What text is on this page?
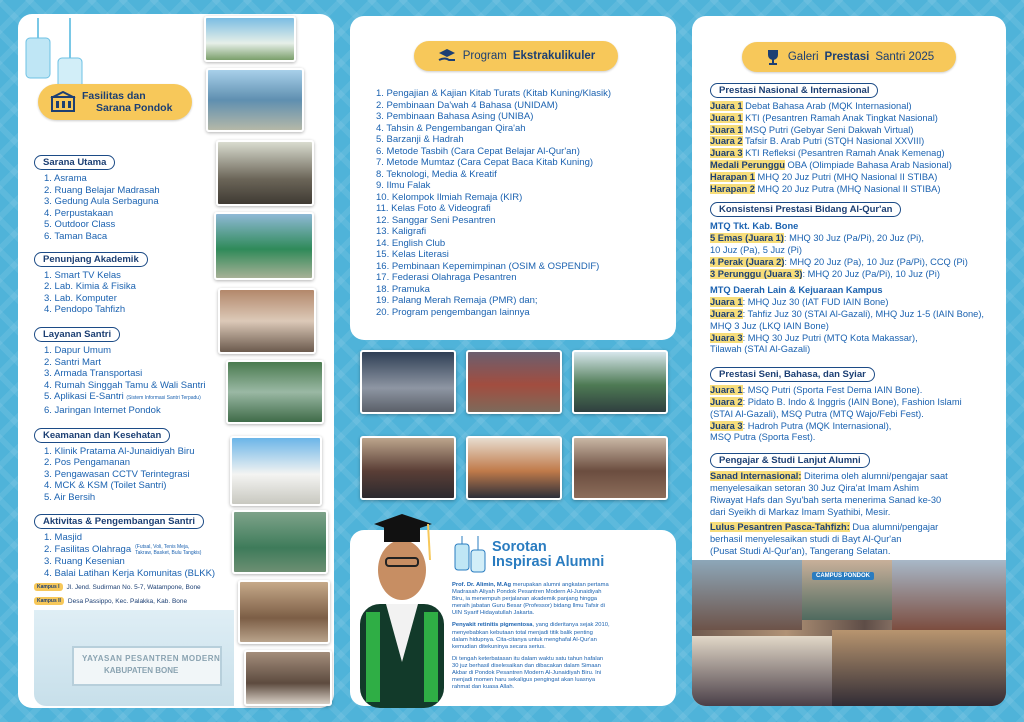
Fasilitas dan
Sarana Pondok
Sarana Utama
1. Asrama
2. Ruang Belajar Madrasah
3. Gedung Aula Serbaguna
4. Perpustakaan
5. Outdoor Class
6. Taman Baca
Penunjang Akademik
1. Smart TV Kelas
2. Lab. Kimia & Fisika
3. Lab. Komputer
4. Pendopo Tahfizh
Layanan Santri
1. Dapur Umum
2. Santri Mart
3. Armada Transportasi
4. Rumah Singgah Tamu & Wali Santri
5. Aplikasi E-Santri (Sistem Informasi Santri Terpadu)
6. Jaringan Internet Pondok
Keamanan dan Kesehatan
1. Klinik Pratama Al-Junaidiyah Biru
2. Pos Pengamanan
3. Pengawasan CCTV Terintegrasi
4. MCK & KSM (Toilet Santri)
5. Air Bersih
Aktivitas & Pengembangan Santri
1. Masjid
2. Fasilitas Olahraga (Futsal, Voli, Tenis Meja,
Takraw, Basket, Bulu Tangkis)
3. Ruang Kesenian
4. Balai Latihan Kerja Komunitas (BLKK)
Kampus I	Jl. Jend. Sudirman No. 5-7, Watampone, Bone
Kampus II	Desa Passippo, Kec. Palakka, Kab. Bone
YAYASAN PESANTREN MODERN
KABUPATEN BONE
Program Ekstrakulikuler
1. Pengajian & Kajian Kitab Turats (Kitab Kuning/Klasik)
2. Pembinaan Da'wah 4 Bahasa (UNIDAM)
3. Pembinaan Bahasa Asing (UNIBA)
4. Tahsin & Pengembangan Qira'ah
5. Barzanji & Hadrah
6. Metode Tasbih (Cara Cepat Belajar Al-Qur'an)
7. Metode Mumtaz (Cara Cepat Baca Kitab Kuning)
8. Teknologi, Media & Kreatif
9. Ilmu Falak
10. Kelompok Ilmiah Remaja (KIR)
11. Kelas Foto & Videografi
12. Sanggar Seni Pesantren
13. Kaligrafi
14. English Club
15. Kelas Literasi
16. Pembinaan Kepemimpinan (OSIM & OSPENDIF)
17. Federasi Olahraga Pesantren
18. Pramuka
19. Palang Merah Remaja (PMR) dan;
20. Program pengembangan lainnya
Sorotan
Inspirasi Alumni
Prof. Dr. Alimin, M.Ag merupakan alumni angkatan pertama
Madrasah Aliyah Pondok Pesantren Modern Al-Junaidiyah
Biru, ia menempuh perjalanan akademik panjang hingga
meraih jabatan Guru Besar (Professor) bidang Ilmu Tafsir di
UIN Syarif Hidayatullah Jakarta.
Penyakit retinitis pigmentosa, yang dideritanya sejak 2010,
menyebabkan kebutaan total menjadi titik balik penting
dalam hidupnya. Cita-citanya untuk menghafal Al-Qur'an
kemudian ditekuninya secara serius.
Di tengah keterbatasan itu dalam waktu satu tahun hafalan
30 juz berhasil diselesaikan dan dibacakan dalam Simaan
Akbar di Pondok Pesantren Modern Al-Junaidiyah Biru. Ini
menjadi momen haru sekaligus pengingat akan luasnya
rahmat dan kuasa Allah.
Galeri Prestasi Santri 2025
Prestasi Nasional & Internasional
Juara 1 Debat Bahasa Arab (MQK Internasional)
Juara 1 KTI (Pesantren Ramah Anak Tingkat Nasional)
Juara 1 MSQ Putri (Gebyar Seni Dakwah Virtual)
Juara 2 Tafsir B. Arab Putri (STQH Nasional XXVIII)
Juara 3 KTI Refleksi (Pesantren Ramah Anak Kemenag)
Medali Perunggu OBA (Olimpiade Bahasa Arab Nasional)
Harapan 1 MHQ 20 Juz Putri (MHQ Nasional II STIBA)
Harapan 2 MHQ 20 Juz Putra (MHQ Nasional II STIBA)
Konsistensi Prestasi Bidang Al-Qur'an
MTQ Tkt. Kab. Bone
5 Emas (Juara 1): MHQ 30 Juz (Pa/Pi), 20 Juz (Pi),
10 Juz (Pa), 5 Juz (Pi)
4 Perak (Juara 2): MHQ 20 Juz (Pa), 10 Juz (Pa/Pi), CCQ (Pi)
3 Perunggu (Juara 3): MHQ 20 Juz (Pa/Pi), 10 Juz (Pi)
MTQ Daerah Lain & Kejuaraan Kampus
Juara 1: MHQ Juz 30 (IAT FUD IAIN Bone)
Juara 2: Tahfiz Juz 30 (STAI Al-Gazali), MHQ Juz 1-5 (IAIN Bone),
MHQ 3 Juz (LKQ IAIN Bone)
Juara 3: MHQ 30 Juz Putri (MTQ Kota Makassar),
Tilawah (STAI Al-Gazali)
Prestasi Seni, Bahasa, dan Syiar
Juara 1: MSQ Putri (Sporta Fest Dema IAIN Bone).
Juara 2: Pidato B. Indo & Inggris (IAIN Bone), Fashion Islami
(STAI Al-Gazali), MSQ Putra (MTQ Wajo/Febi Fest).
Juara 3: Hadroh Putra (MQK Internasional),
MSQ Putra (Sporta Fest).
Pengajar & Studi Lanjut Alumni
Sanad Internasional: Diterima oleh alumni/pengajar saat
menyelesaikan setoran 30 Juz Qira'at Imam Ashim
Riwayat Hafs dan Syu'bah serta menerima Sanad ke-30
dari Syeikh di Markaz Imam Syathibi, Mesir.
Lulus Pesantren Pasca-Tahfizh: Dua alumni/pengajar
berhasil menyelesaikan studi di Bayt Al-Qur'an
(Pusat Studi Al-Qur'an), Tangerang Selatan.
CAMPUS PONDOK
